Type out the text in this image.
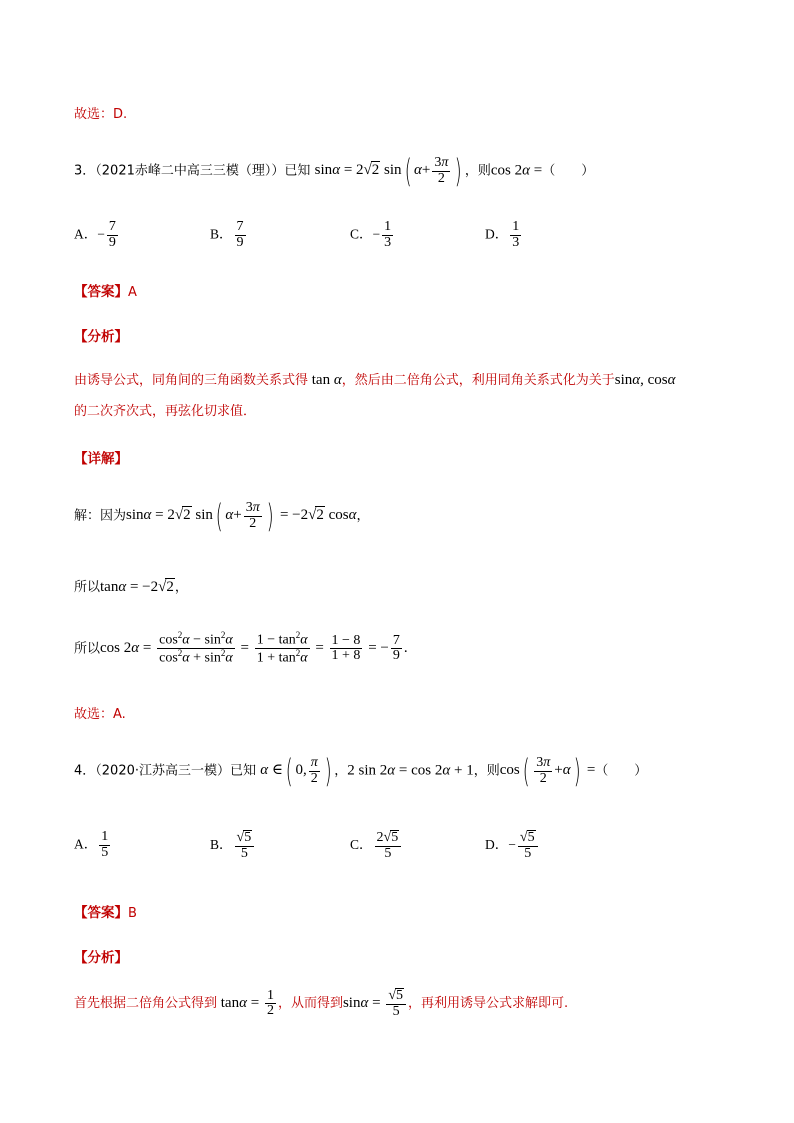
故选：D.
3．（2021赤峰二中高三三模（理））已知 sinα = 2√2 sin( $\alpha+ \frac{3\pi}{2}$ ) ，则cos 2α =（　　）
A．− $\frac{7}{9}$	B． $\frac{7}{9}$	C．− $\frac{1}{3}$	D． $\frac{1}{3}$
【答案】A
【分析】
由诱导公式，同角间的三角函数关系式得 tan α，然后由二倍角公式，利用同角关系式化为关于sinα, cosα
的二次齐次式，再弦化切求值．
【详解】
解：因为sinα = 2√2 sin( $\alpha+ \frac{3\pi}{2}$ ) = −2√2 cosα，
所以tanα = −2√2，
所以$\cos 2\alpha = \frac{\cos^2\alpha - \sin^2\alpha}{\cos^2\alpha + \sin^2\alpha} = \frac{1 - \tan^2\alpha}{1 + \tan^2\alpha} = \frac{1 - 8}{1 + 8}$ = − $\frac{7}{9}$ .
故选：A.
4．（2020·江苏高三一模）已知 α ∈( 0, $\frac{\pi}{2}$ ) ，2 sin 2α = cos 2α + 1，则$\cos( \frac{3\pi}{2} +\alpha)$ =（　　）
A． $\frac{1}{5}$	B． $\frac{√5}{5}$	C． $\frac{2√5}{5}$	D．− $\frac{√5}{5}$
【答案】B
【分析】
首先根据二倍角公式得到 $\tan\alpha = \frac{1}{2}$ ，从而得到$\sin\alpha = \frac{√5}{5}$ ，再利用诱导公式求解即可.
